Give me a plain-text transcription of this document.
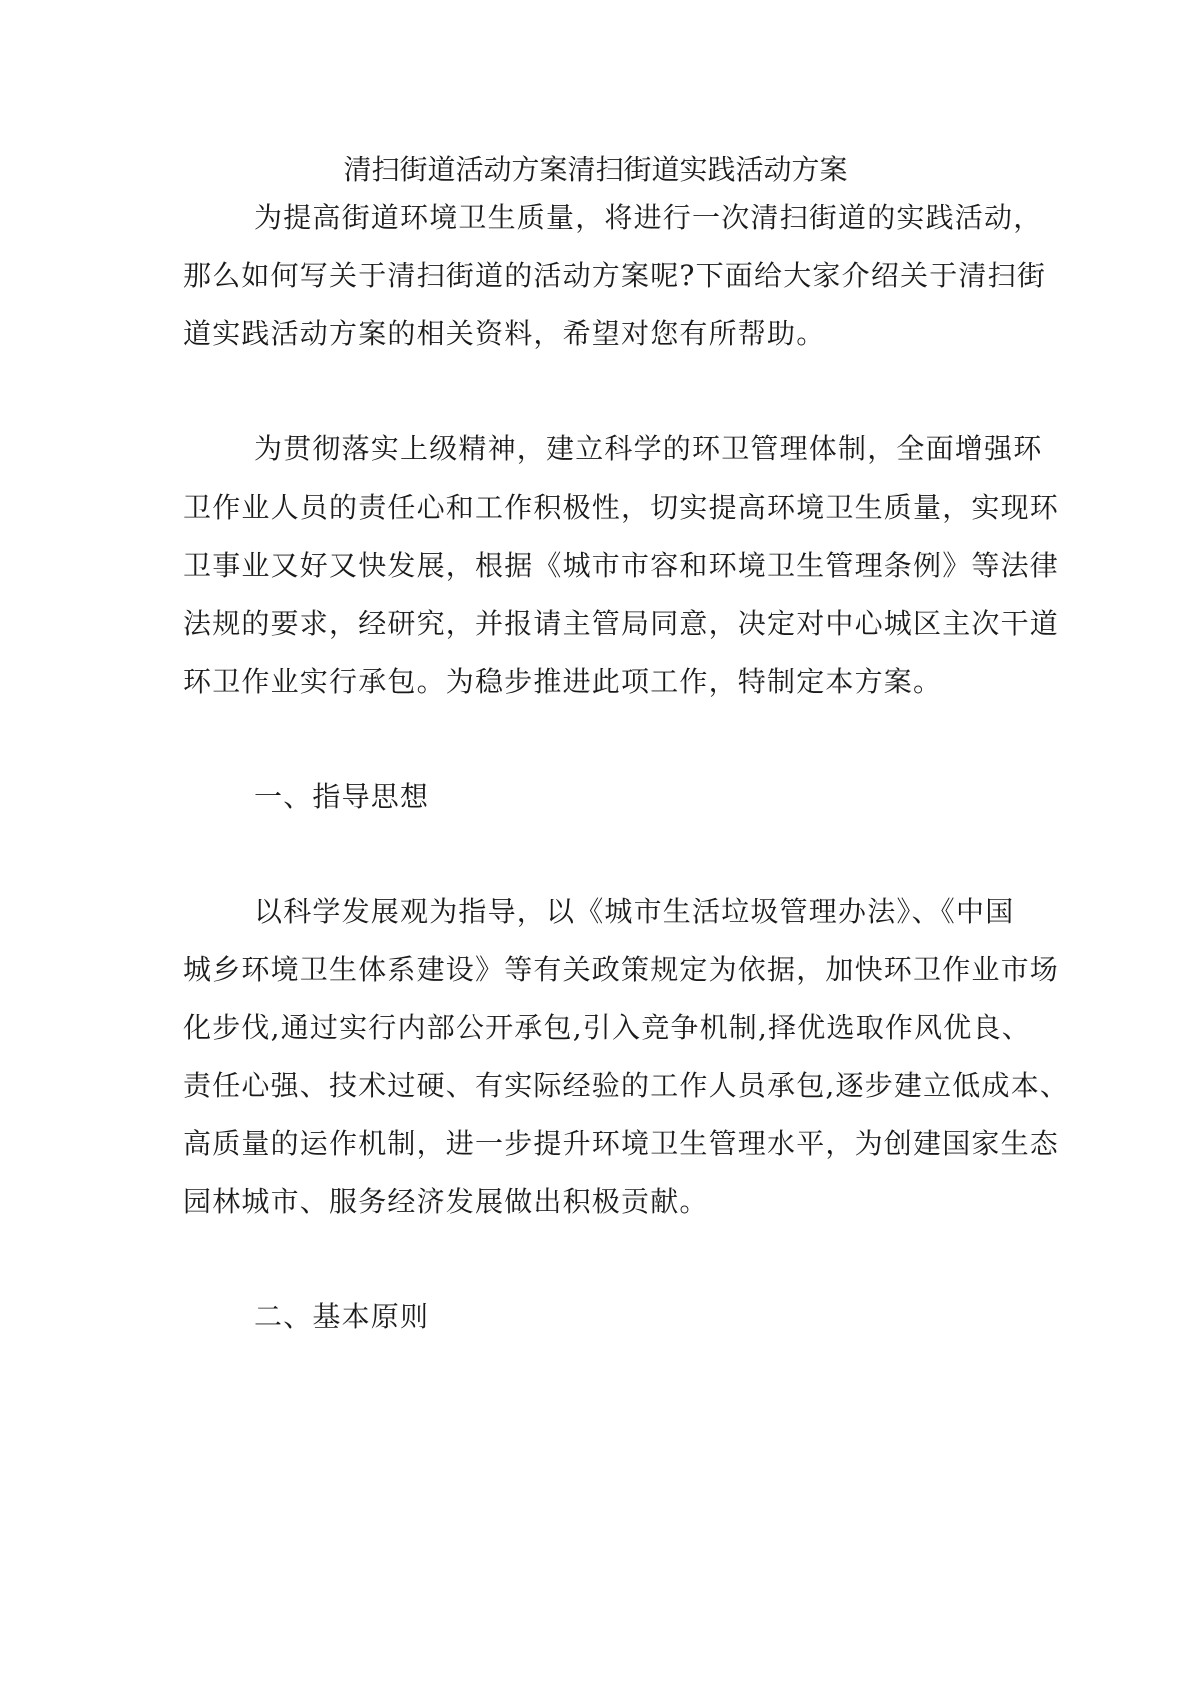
清扫街道活动方案清扫街道实践活动方案
为提高街道环境卫生质量，将进行一次清扫街道的实践活动，
那么如何写关于清扫街道的活动方案呢?下面给大家介绍关于清扫街
道实践活动方案的相关资料，希望对您有所帮助。
为贯彻落实上级精神，建立科学的环卫管理体制，全面增强环
卫作业人员的责任心和工作积极性，切实提高环境卫生质量，实现环
卫事业又好又快发展，根据《城市市容和环境卫生管理条例》等法律
法规的要求，经研究，并报请主管局同意，决定对中心城区主次干道
环卫作业实行承包。为稳步推进此项工作，特制定本方案。
一、指导思想
以科学发展观为指导，以《城市生活垃圾管理办法》、《中国
城乡环境卫生体系建设》等有关政策规定为依据，加快环卫作业市场
化步伐,通过实行内部公开承包,引入竞争机制,择优选取作风优良、
责任心强、技术过硬、有实际经验的工作人员承包,逐步建立低成本、
高质量的运作机制，进一步提升环境卫生管理水平，为创建国家生态
园林城市、服务经济发展做出积极贡献。
二、基本原则
